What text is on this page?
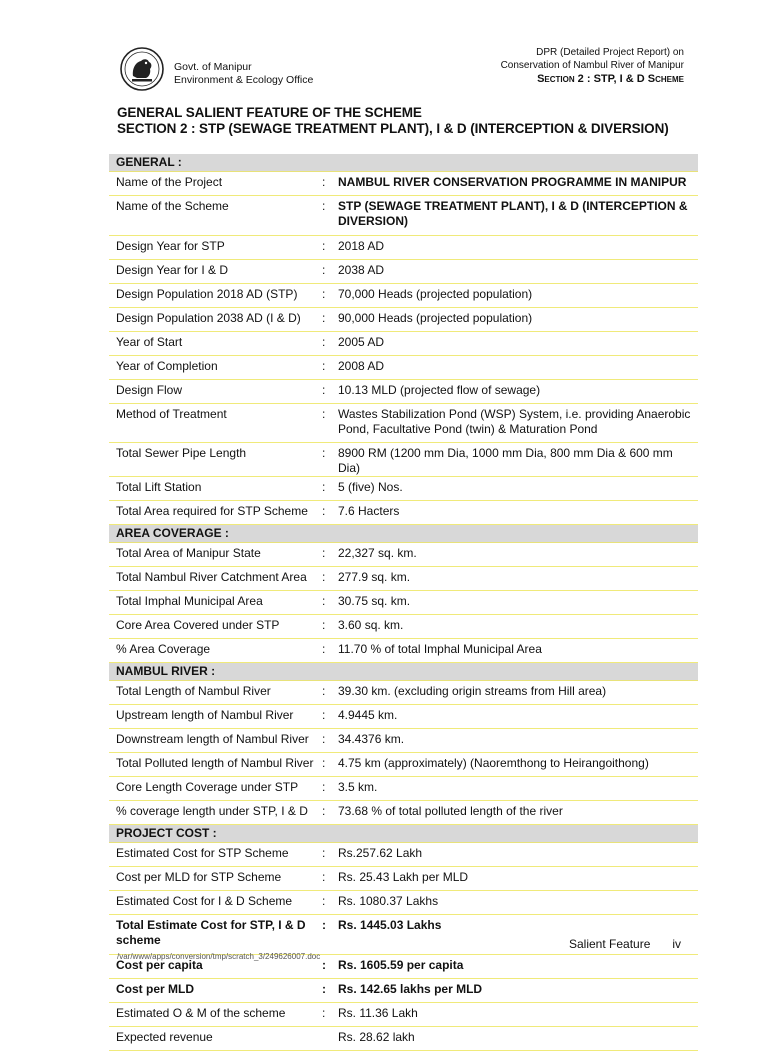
Govt. of Manipur
Environment & Ecology Office
DPR (Detailed Project Report) on
Conservation of Nambul River of Manipur
Section 2 : STP, I & D Scheme
GENERAL SALIENT FEATURE OF THE SCHEME
SECTION 2 : STP (SEWAGE TREATMENT PLANT), I & D (INTERCEPTION & DIVERSION)
GENERAL :		
Name of the Project	:	NAMBUL RIVER CONSERVATION PROGRAMME IN MANIPUR
Name of the Scheme	:	STP (SEWAGE TREATMENT PLANT), I & D (INTERCEPTION & DIVERSION)
Design Year for STP	:	2018 AD
Design Year for I & D	:	2038 AD
Design Population 2018 AD (STP)	:	70,000 Heads (projected population)
Design Population 2038 AD (I & D)	:	90,000 Heads (projected population)
Year of Start	:	2005 AD
Year of Completion	:	2008 AD
Design Flow	:	10.13 MLD (projected flow of sewage)
Method of Treatment	:	Wastes Stabilization Pond (WSP) System, i.e. providing Anaerobic Pond, Facultative Pond (twin) & Maturation Pond
Total Sewer Pipe Length	:	8900 RM (1200 mm Dia, 1000 mm Dia, 800 mm Dia & 600 mm Dia)
Total Lift Station	:	5 (five) Nos.
Total Area required for STP Scheme	:	7.6 Hacters
AREA COVERAGE :		
Total Area of Manipur State	:	22,327 sq. km.
Total Nambul River Catchment Area	:	277.9 sq. km.
Total Imphal Municipal Area	:	30.75 sq. km.
Core Area Covered under STP	:	3.60 sq. km.
% Area Coverage	:	11.70 % of total Imphal Municipal Area
NAMBUL RIVER :		
Total Length of Nambul River	:	39.30 km. (excluding origin streams from Hill area)
Upstream length of Nambul River	:	4.9445 km.
Downstream length of Nambul River	:	34.4376 km.
Total Polluted length of Nambul River	:	4.75 km (approximately) (Naoremthong to Heirangoithong)
Core Length Coverage under STP	:	3.5 km.
% coverage length under STP, I & D	:	73.68 % of total polluted length of the river
PROJECT COST :		
Estimated Cost for STP Scheme	:	Rs.257.62 Lakh
Cost per MLD for STP Scheme	:	Rs. 25.43 Lakh per MLD
Estimated Cost for I & D Scheme	:	Rs. 1080.37 Lakhs
Total Estimate Cost for STP, I & D scheme	:	Rs. 1445.03 Lakhs
Cost per capita	:	Rs. 1605.59 per capita
Cost per MLD	:	Rs. 142.65 lakhs per MLD
Estimated O & M of the scheme	:	Rs. 11.36 Lakh
Expected revenue		Rs. 28.62 lakh
Salient Feature iv
/var/www/apps/conversion/tmp/scratch_3/249626007.doc
